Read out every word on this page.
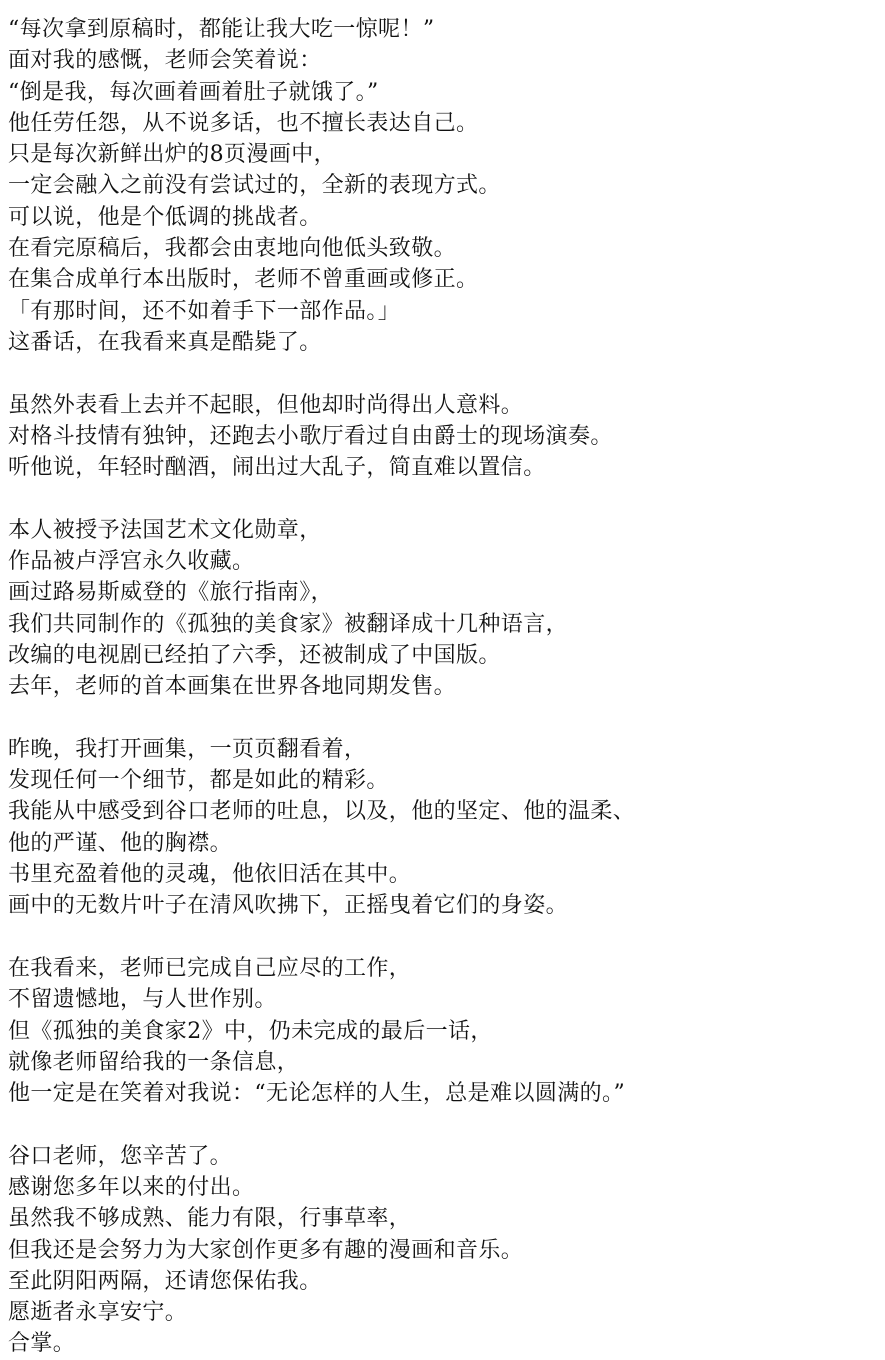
“每次拿到原稿时，都能让我大吃一惊呢！”
面对我的感慨，老师会笑着说：
“倒是我，每次画着画着肚子就饿了。”
他任劳任怨，从不说多话，也不擅长表达自己。
只是每次新鲜出炉的8页漫画中，
一定会融入之前没有尝试过的，全新的表现方式。
可以说，他是个低调的挑战者。
在看完原稿后，我都会由衷地向他低头致敬。
在集合成单行本出版时，老师不曾重画或修正。
「有那时间，还不如着手下一部作品。」
这番话，在我看来真是酷毙了。
虽然外表看上去并不起眼，但他却时尚得出人意料。
对格斗技情有独钟，还跑去小歌厅看过自由爵士的现场演奏。
听他说，年轻时酗酒，闹出过大乱子，简直难以置信。
本人被授予法国艺术文化勋章，
作品被卢浮宫永久收藏。
画过路易斯威登的《旅行指南》，
我们共同制作的《孤独的美食家》被翻译成十几种语言，
改编的电视剧已经拍了六季，还被制成了中国版。
去年，老师的首本画集在世界各地同期发售。
昨晚，我打开画集，一页页翻看着，
发现任何一个细节，都是如此的精彩。
我能从中感受到谷口老师的吐息，以及，他的坚定、他的温柔、
他的严谨、他的胸襟。
书里充盈着他的灵魂，他依旧活在其中。
画中的无数片叶子在清风吹拂下，正摇曳着它们的身姿。
在我看来，老师已完成自己应尽的工作，
不留遗憾地，与人世作别。
但《孤独的美食家2》中，仍未完成的最后一话，
就像老师留给我的一条信息，
他一定是在笑着对我说：“无论怎样的人生，总是难以圆满的。”
谷口老师，您辛苦了。
感谢您多年以来的付出。
虽然我不够成熟、能力有限，行事草率，
但我还是会努力为大家创作更多有趣的漫画和音乐。
至此阴阳两隔，还请您保佑我。
愿逝者永享安宁。
合掌。
